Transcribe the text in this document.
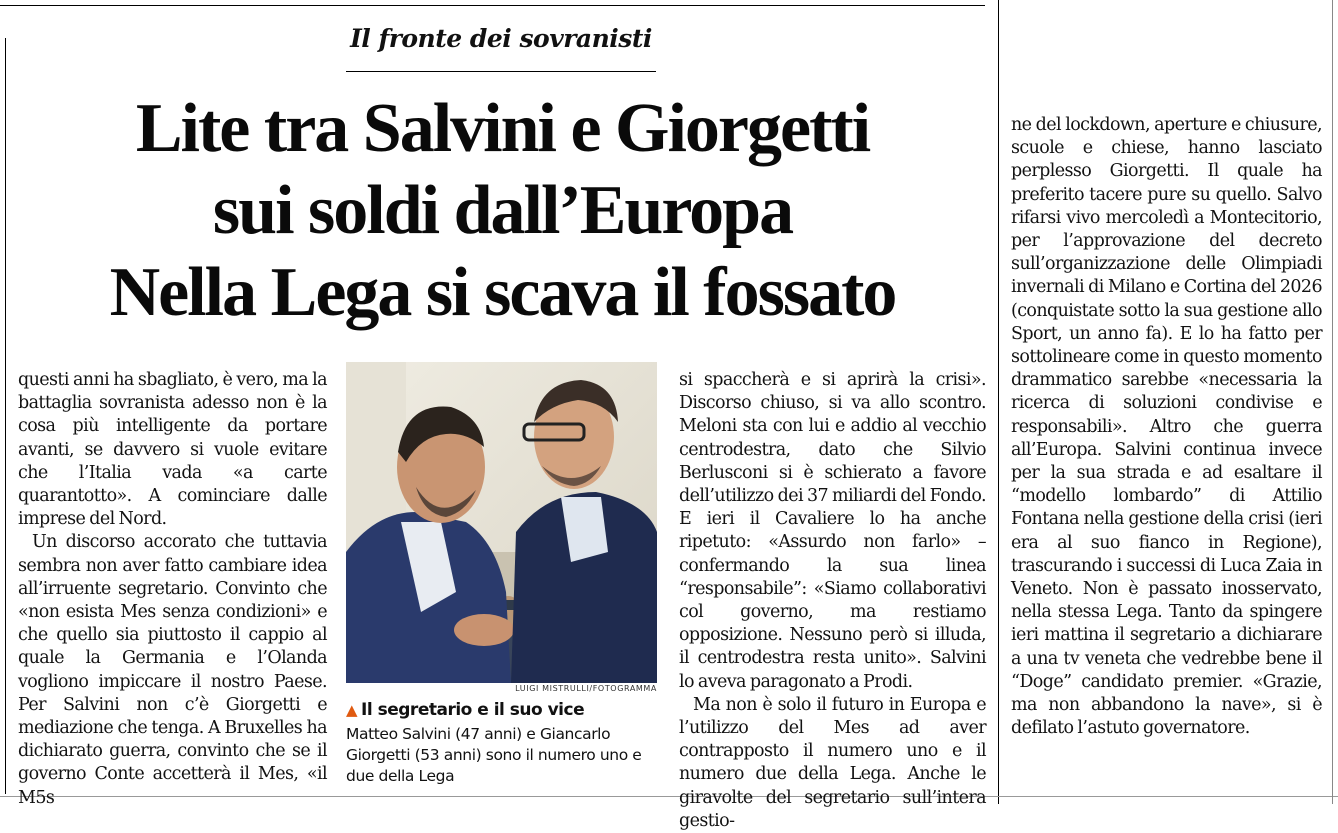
Il fronte dei sovranisti
Lite tra Salvini e Giorgetti
sui soldi dall’Europa
Nella Lega si scava il fossato

questi anni ha sbagliato, è vero, ma la battaglia sovranista adesso non è la cosa più intelligente da portare avanti, se davvero si vuole evitare che l’Italia vada «a carte quarantotto». A cominciare dalle imprese del Nord.

Un discorso accorato che tuttavia sembra non aver fatto cambiare idea all’irruente segretario. Convinto che «non esista Mes senza condizioni» e che quello sia piuttosto il cappio al quale la Germania e l’Olanda vogliono impiccare il nostro Paese. Per Salvini non c’è Giorgetti e mediazione che tenga. A Bruxelles ha dichiarato guerra, convinto che se il governo Conte accetterà il Mes, «il M5s

LUIGI MISTRULLI/FOTOGRAMMA
▲ Il segretario e il suo vice
Matteo Salvini (47 anni) e Giancarlo Giorgetti (53 anni) sono il numero uno e due della Lega

si spaccherà e si aprirà la crisi». Discorso chiuso, si va allo scontro. Meloni sta con lui e addio al vecchio centrodestra, dato che Silvio Berlusconi si è schierato a favore dell’utilizzo dei 37 miliardi del Fondo. E ieri il Cavaliere lo ha anche ripetuto: «Assurdo non farlo» – confermando la sua linea “responsabile”: «Siamo collaborativi col governo, ma restiamo opposizione. Nessuno però si illuda, il centrodestra resta unito». Salvini lo aveva paragonato a Prodi.

Ma non è solo il futuro in Europa e l’utilizzo del Mes ad aver contrapposto il numero uno e il numero due della Lega. Anche le giravolte del segretario sull’intera gestio-

ne del lockdown, aperture e chiusure, scuole e chiese, hanno lasciato perplesso Giorgetti. Il quale ha preferito tacere pure su quello. Salvo rifarsi vivo mercoledì a Montecitorio, per l’approvazione del decreto sull’organizzazione delle Olimpiadi invernali di Milano e Cortina del 2026 (conquistate sotto la sua gestione allo Sport, un anno fa). E lo ha fatto per sottolineare come in questo momento drammatico sarebbe «necessaria la ricerca di soluzioni condivise e responsabili». Altro che guerra all’Europa. Salvini continua invece per la sua strada e ad esaltare il “modello lombardo” di Attilio Fontana nella gestione della crisi (ieri era al suo fianco in Regione), trascurando i successi di Luca Zaia in Veneto. Non è passato inosservato, nella stessa Lega. Tanto da spingere ieri mattina il segretario a dichiarare a una tv veneta che vedrebbe bene il “Doge” candidato premier. «Grazie, ma non abbandono la nave», si è defilato l’astuto governatore.
